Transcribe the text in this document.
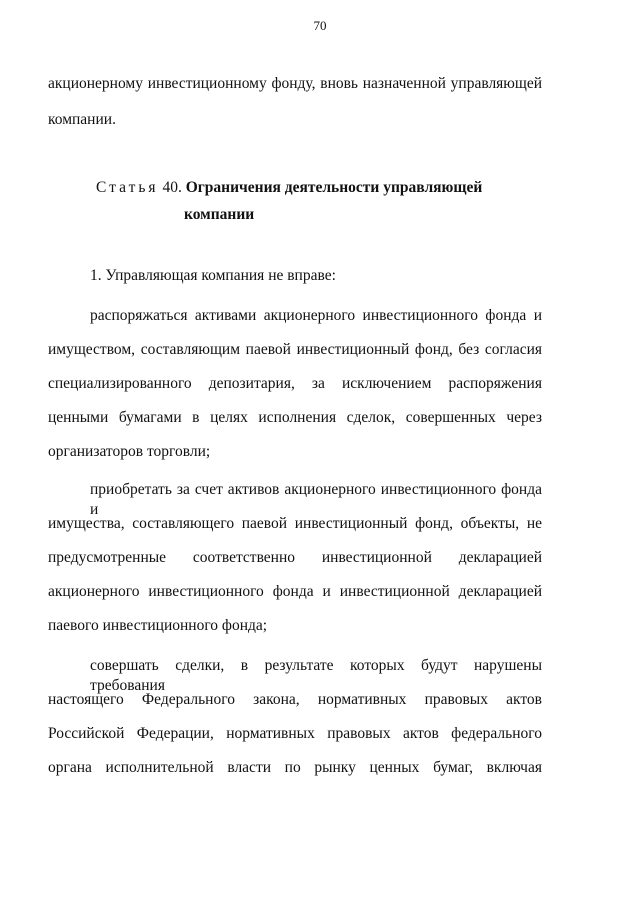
70
акционерному инвестиционному фонду, вновь назначенной управляющей
компании.
Статья 40. Ограничения деятельности управляющей
компании
1. Управляющая компания не вправе:
распоряжаться активами акционерного инвестиционного фонда и
имуществом, составляющим паевой инвестиционный фонд, без согласия
специализированного депозитария, за исключением распоряжения
ценными бумагами в целях исполнения сделок, совершенных через
организаторов торговли;
приобретать за счет активов акционерного инвестиционного фонда и
имущества, составляющего паевой инвестиционный фонд, объекты, не
предусмотренные соответственно инвестиционной декларацией
акционерного инвестиционного фонда и инвестиционной декларацией
паевого инвестиционного фонда;
совершать сделки, в результате которых будут нарушены требования
настоящего Федерального закона, нормативных правовых актов
Российской Федерации, нормативных правовых актов федерального
органа исполнительной власти по рынку ценных бумаг, включая
